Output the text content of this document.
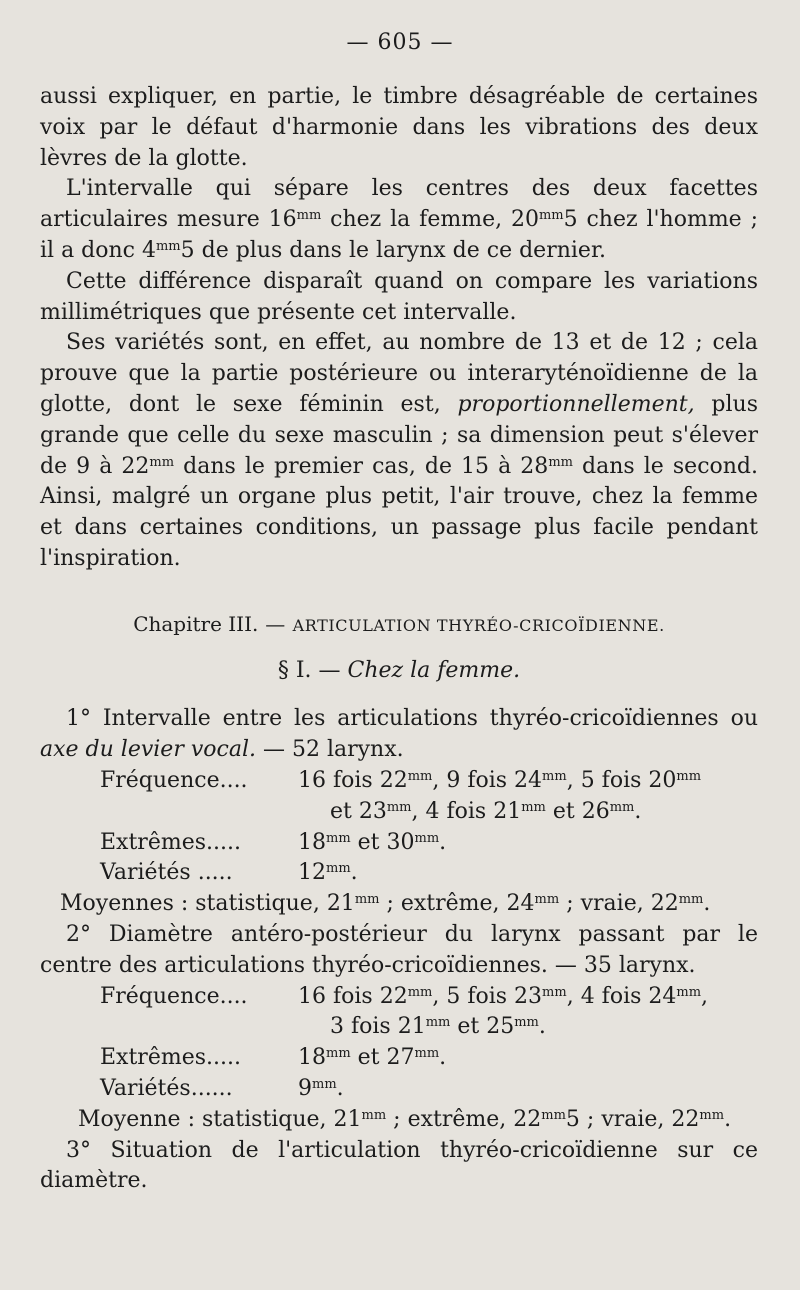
— 605 —

aussi expliquer, en partie, le timbre désagréable de certaines voix par le défaut d'harmonie dans les vibrations des deux lèvres de la glotte.

L'intervalle qui sépare les centres des deux facettes articulaires mesure $16^{mm}$ chez la femme, $20^{mm}5$ chez l'homme ; il a donc $4^{mm}5$ de plus dans le larynx de ce dernier.

Cette différence disparaît quand on compare les variations millimétriques que présente cet intervalle.

Ses variétés sont, en effet, au nombre de 13 et de 12 ; cela prouve que la partie postérieure ou interaryténoïdienne de la glotte, dont le sexe féminin est, proportionnellement, plus grande que celle du sexe masculin ; sa dimension peut s'élever de 9 à $22^{mm}$ dans le premier cas, de 15 à $28^{mm}$ dans le second. Ainsi, malgré un organe plus petit, l'air trouve, chez la femme et dans certaines conditions, un passage plus facile pendant l'inspiration.

Chapitre III. — ARTICULATION THYRÉO-CRICOÏDIENNE.

§ I. — Chez la femme.

1° Intervalle entre les articulations thyréo-cricoïdiennes ou axe du levier vocal. — 52 larynx.

Fréquence....	16 fois $22^{mm}$, 9 fois $24^{mm}$, 5 fois $20^{mm}$
et $23^{mm}$, 4 fois $21^{mm}$ et $26^{mm}$.
Extrêmes.....	$18^{mm}$ et $30^{mm}$.
Variétés .....	$12^{mm}$.

Moyennes : statistique, $21^{mm}$ ; extrême, $24^{mm}$ ; vraie, $22^{mm}$.

2° Diamètre antéro-postérieur du larynx passant par le centre des articulations thyréo-cricoïdiennes. — 35 larynx.

Fréquence....	16 fois $22^{mm}$, 5 fois $23^{mm}$, 4 fois $24^{mm}$,
3 fois $21^{mm}$ et $25^{mm}$.
Extrêmes.....	$18^{mm}$ et $27^{mm}$.
Variétés......	$9^{mm}$.

Moyenne : statistique, $21^{mm}$ ; extrême, $22^{mm}5$ ; vraie, $22^{mm}$.

3° Situation de l'articulation thyréo-cricoïdienne sur ce diamètre.
